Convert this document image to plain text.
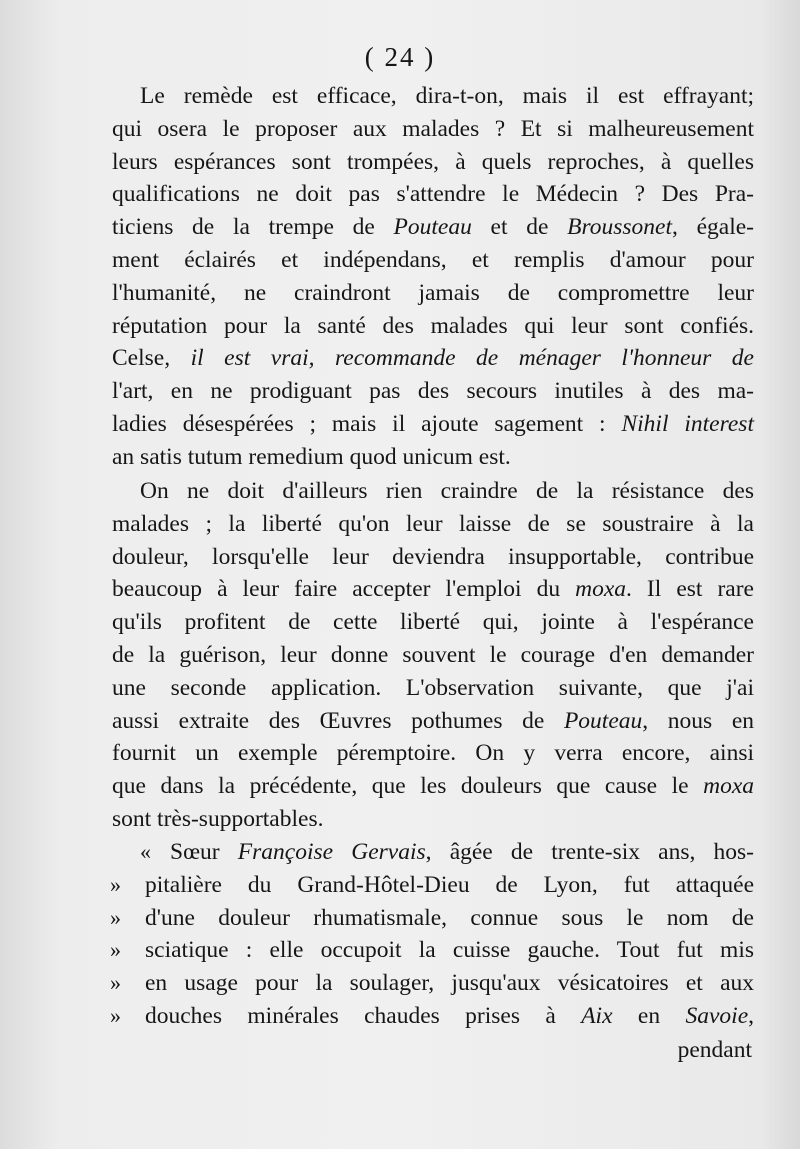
( 24 )
Le remède est efficace, dira-t-on, mais il est effrayant;
qui osera le proposer aux malades ? Et si malheureusement
leurs espérances sont trompées, à quels reproches, à quelles
qualifications ne doit pas s'attendre le Médecin ? Des Pra-
ticiens de la trempe de Pouteau et de Broussonet, égale-
ment éclairés et indépendans, et remplis d'amour pour
l'humanité, ne craindront jamais de compromettre leur
réputation pour la santé des malades qui leur sont confiés.
Celse, il est vrai, recommande de ménager l'honneur de
l'art, en ne prodiguant pas des secours inutiles à des ma-
ladies désespérées ; mais il ajoute sagement : Nihil interest
an satis tutum remedium quod unicum est.
On ne doit d'ailleurs rien craindre de la résistance des
malades ; la liberté qu'on leur laisse de se soustraire à la
douleur, lorsqu'elle leur deviendra insupportable, contribue
beaucoup à leur faire accepter l'emploi du moxa. Il est rare
qu'ils profitent de cette liberté qui, jointe à l'espérance
de la guérison, leur donne souvent le courage d'en demander
une seconde application. L'observation suivante, que j'ai
aussi extraite des Œuvres pothumes de Pouteau, nous en
fournit un exemple péremptoire. On y verra encore, ainsi
que dans la précédente, que les douleurs que cause le moxa
sont très-supportables.
Sœur Françoise Gervais, âgée de trente-six ans, hos-
«
pitalière du Grand-Hôtel-Dieu de Lyon, fut attaquée
»
d'une douleur rhumatismale, connue sous le nom de
»
sciatique : elle occupoit la cuisse gauche. Tout fut mis
»
en usage pour la soulager, jusqu'aux vésicatoires et aux
»
douches minérales chaudes prises à Aix en Savoie,
»
pendant
